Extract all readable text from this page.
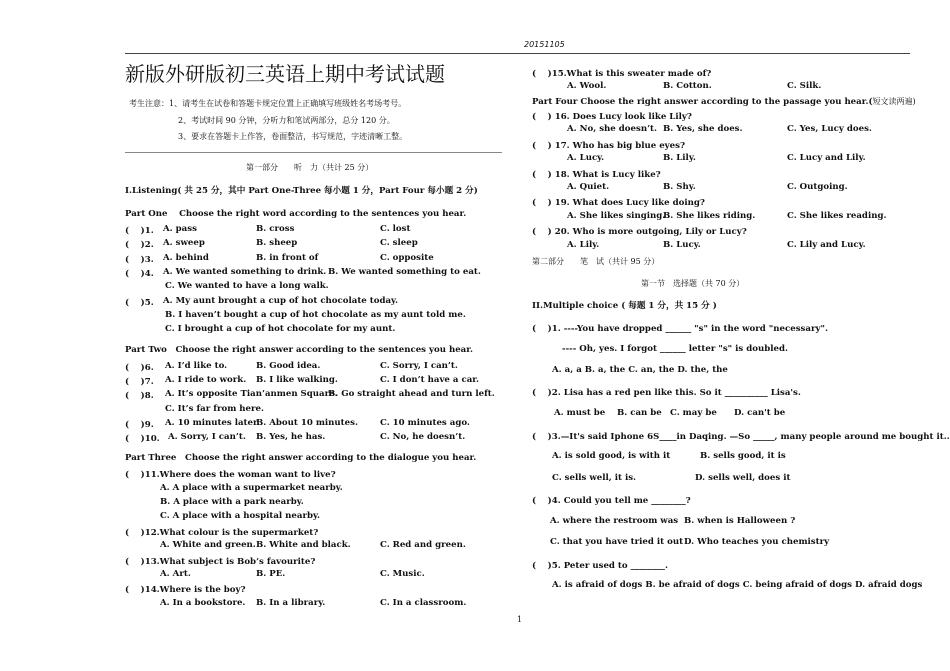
20151105
新版外研版初三英语上期中考试试题
考生注意：1、请考生在试卷和答题卡规定位置上正确填写班级姓名考场考号。
2、考试时间 90 分钟，分听力和笔试两部分，总分 120 分。
3、要求在答题卡上作答，卷面整洁，书写规范，字迹清晰工整。
第一部分　　听　力（共计 25 分）
I.Listening( 共 25 分，其中 Part One-Three 每小题 1 分，Part Four 每小题 2 分)
Part One　 Choose the right word according to the sentences you hear.
(　 )1. A. pass	B. cross	C. lost
(　 )2. A. sweep	B. sheep	C. sleep
(　 )3. A. behind	B. in front of	C. opposite
(　 )4. A. We wanted something to drink. B. We wanted something to eat.
C. We wanted to have a long walk.
(　 )5. A. My aunt brought a cup of hot chocolate today.
B. I haven’t bought a cup of hot chocolate as my aunt told me.
C. I brought a cup of hot chocolate for my aunt.
Part Two　Choose the right answer according to the sentences you hear.
(　 )6. A. I’d like to.	B. Good idea.	C. Sorry, I can’t.
(　 )7. A. I ride to work. B. I like walking.	C. I don’t have a car.
(　 )8. A. It’s opposite Tian’anmen Square.
B. Go straight ahead and turn left.
C. It’s far from here.
(　 )9. A. 10 minutes later.
B. About 10 minutes.	C. 10 minutes ago.
(　 )10. A. Sorry, I can’t. B. Yes, he has.	C. No, he doesn’t.
Part Three　Choose the right answer according to the dialogue you hear.
(　 )11.Where does the woman want to live?
A. A place with a supermarket nearby.
B. A place with a park nearby.
C. A place with a hospital nearby.
(　 )12.What colour is the supermarket?
A. White and green. B. White and black.	C. Red and green.
(　 )13.What subject is Bob’s favourite?
A. Art.	B. PE.	C. Music.
(　 )14.Where is the boy?
A. In a bookstore. B. In a library.	C. In a classroom.
(　 )15.What is this sweater made of?
A. Wool.	B. Cotton.	C. Silk.
Part Four Choose the right answer according to the passage you hear.(短文读两遍)
(　 ) 16. Does Lucy look like Lily?
A. No, she doesn’t. B. Yes, she does.	C. Yes, Lucy does.
(　 ) 17. Who has big blue eyes?
A. Lucy.	B. Lily.	C. Lucy and Lily.
(　 ) 18. What is Lucy like?
A. Quiet.	B. Shy.	C. Outgoing.
(　 ) 19. What does Lucy like doing?
A. She likes singing.
B. She likes riding.	C. She likes reading.
(　 ) 20. Who is more outgoing, Lily or Lucy?
A. Lily.	B. Lucy.	C. Lily and Lucy.
第二部分　　笔　试（共计 95 分）
第一节　选择题（共 70 分）
II.Multiple choice ( 每题 1 分，共 15 分 )
(　 )1. ----You have dropped ______ "s" in the word "necessary".
---- Oh, yes. I forgot ______ letter "s" is doubled.
A. a, a B. a, the C. an, the D. the, the
(　 )2. Lisa has a red pen like this. So it __________ Lisa's.
A. must be B. can be C. may be D. can't be
(　 )3.—It's said Iphone 6S____in Daqing. —So _____, many people around me bought it..
A. is sold good, is with it	B. sells good, it is
C. sells well, it is.	D. sells well, does it
(　 )4. Could you tell me ________?
A. where the restroom was B. when is Halloween ?
C. that you have tried it out D. Who teaches you chemistry
(　 )5. Peter used to ________.
A. is afraid of dogs B. be afraid of dogs C. being afraid of dogs D. afraid dogs
1
